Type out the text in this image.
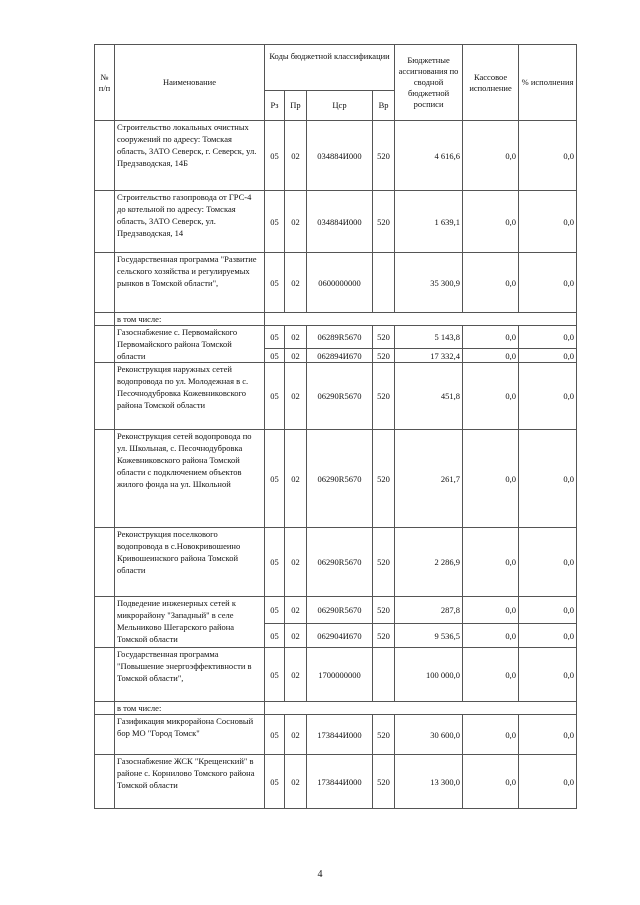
№ п/п	Наименование	Коды бюджетной классификации				Бюджетные ассигнования по сводной бюджетной росписи	Кассовое исполнение	% исполнения
		Рз	Пр	Цср	Вр			
	Строительство локальных очистных сооружений по адресу: Томская область, ЗАТО Северск, г. Северск, ул. Предзаводская, 14Б	05	02	034884И000	520	4 616,6	0,0	0,0
	Строительство газопровода от ГРС-4 до котельной по адресу: Томская область, ЗАТО Северск, ул. Предзаводская, 14	05	02	034884И000	520	1 639,1	0,0	0,0
	Государственная программа "Развитие сельского хозяйства и регулируемых рынков в Томской области",	05	02	0600000000		35 300,9	0,0	0,0
	в том числе:							
	Газоснабжение с. Первомайского Первомайского района Томской области	05	02	06289R5670	520	5 143,8	0,0	0,0
		05	02	062894И670	520	17 332,4	0,0	0,0
	Реконструкция наружных сетей водопровода по ул. Молодежная в с. Песочнодубровка Кожевниковского района Томской области	05	02	06290R5670	520	451,8	0,0	0,0
	Реконструкция сетей водопровода по ул. Школьная, с. Песочнодубровка Кожевниковского района Томской области с подключением объектов жилого фонда на ул. Школьной	05	02	06290R5670	520	261,7	0,0	0,0
	Реконструкция поселкового водопровода в с.Новокривошеино Кривошеинского района Томской области	05	02	06290R5670	520	2 286,9	0,0	0,0
	Подведение инженерных сетей к микрорайону "Западный" в селе Мельниково Шегарского района Томской области	05	02	06290R5670	520	287,8	0,0	0,0
		05	02	062904И670	520	9 536,5	0,0	0,0
	Государственная программа "Повышение энергоэффективности в Томской области",	05	02	1700000000		100 000,0	0,0	0,0
	в том числе:							
	Газификация микрорайона Сосновый бор МО "Город Томск"	05	02	173844И000	520	30 600,0	0,0	0,0
	Газоснабжение ЖСК "Крещенский" в районе с. Корнилово Томского района Томской области	05	02	173844И000	520	13 300,0	0,0	0,0
4
